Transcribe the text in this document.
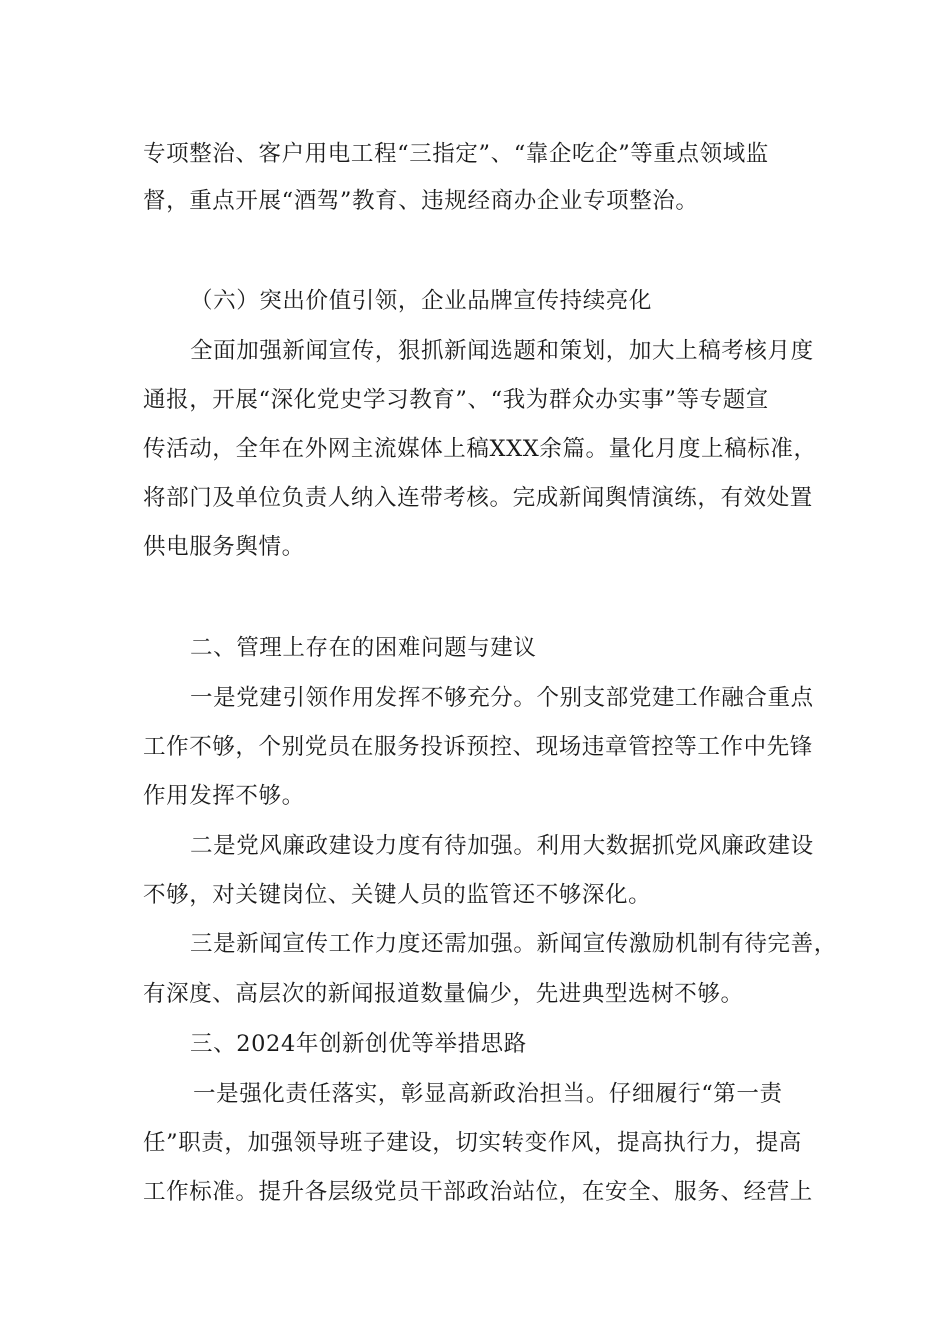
专项整治、客户用电工程“三指定”、“靠企吃企”等重点领域监
督，重点开展“酒驾”教育、违规经商办企业专项整治。
（六）突出价值引领，企业品牌宣传持续亮化
全面加强新闻宣传，狠抓新闻选题和策划，加大上稿考核月度
通报，开展“深化党史学习教育”、“我为群众办实事”等专题宣
传活动，全年在外网主流媒体上稿XXX余篇。量化月度上稿标准，
将部门及单位负责人纳入连带考核。完成新闻舆情演练，有效处置
供电服务舆情。
二、管理上存在的困难问题与建议
一是党建引领作用发挥不够充分。个别支部党建工作融合重点
工作不够，个别党员在服务投诉预控、现场违章管控等工作中先锋
作用发挥不够。
二是党风廉政建设力度有待加强。利用大数据抓党风廉政建设
不够，对关键岗位、关键人员的监管还不够深化。
三是新闻宣传工作力度还需加强。新闻宣传激励机制有待完善，
有深度、高层次的新闻报道数量偏少，先进典型选树不够。
三、2024年创新创优等举措思路
一是强化责任落实，彰显高新政治担当。仔细履行“第一责
任”职责，加强领导班子建设，切实转变作风，提高执行力，提高
工作标准。提升各层级党员干部政治站位，在安全、服务、经营上
